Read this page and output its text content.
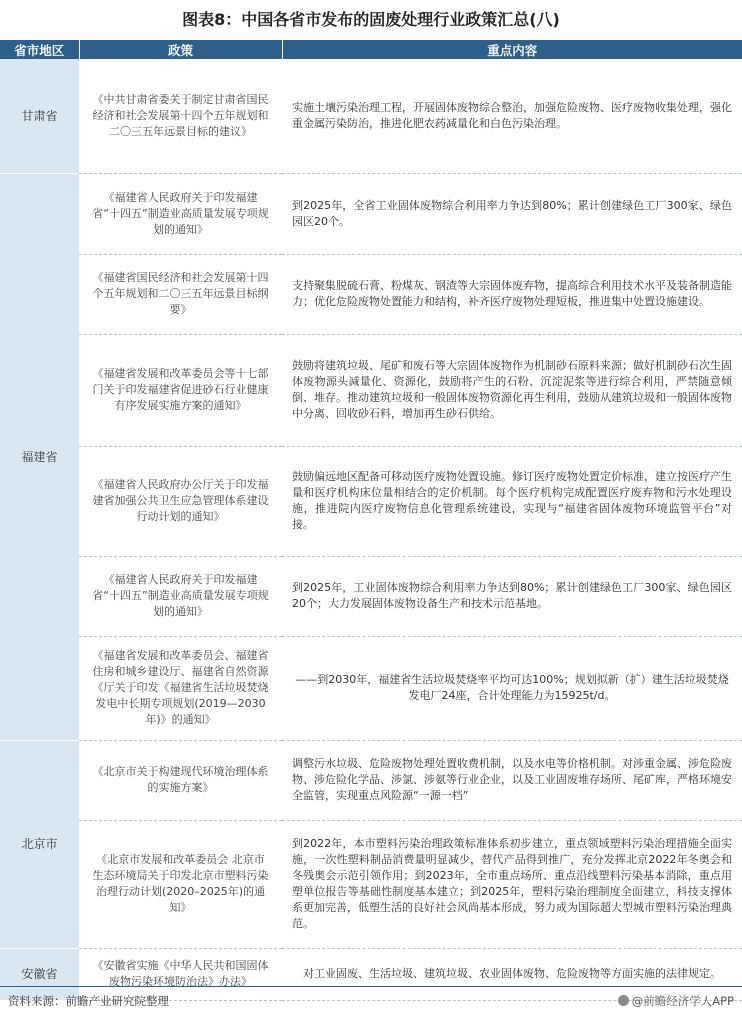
图表8：中国各省市发布的固废处理行业政策汇总(八)
省市地区	政策	重点内容
甘肃省	《中共甘肃省委关于制定甘肃省国民经济和社会发展第十四个五年规划和二〇三五年远景目标的建议》	实施土壤污染治理工程，开展固体废物综合整治，加强危险废物、医疗废物收集处理，强化重金属污染防治，推进化肥农药减量化和白色污染治理。
福建省	《福建省人民政府关于印发福建省“十四五”制造业高质量发展专项规划的通知》	到2025年，全省工业固体废物综合利用率力争达到80%；累计创建绿色工厂300家、绿色园区20个。
	《福建省国民经济和社会发展第十四个五年规划和二〇三五年远景目标纲要》	支持聚集脱硫石膏、粉煤灰、钢渣等大宗固体废弃物，提高综合利用技术水平及装备制造能力；优化危险废物处置能力和结构，补齐医疗废物处理短板，推进集中处置设施建设。
	《福建省发展和改革委员会等十七部门关于印发福建省促进砂石行业健康有序发展实施方案的通知》	鼓励将建筑垃圾、尾矿和废石等大宗固体废物作为机制砂石原料来源；做好机制砂石次生固体废物源头减量化、资源化，鼓励将产生的石粉、沉淀泥浆等进行综合利用，严禁随意倾倒、堆存。推动建筑垃圾和一般固体废物资源化再生利用，鼓励从建筑垃圾和一般固体废物中分离、回收砂石料，增加再生砂石供给。
	《福建省人民政府办公厅关于印发福建省加强公共卫生应急管理体系建设行动计划的通知》	鼓励偏远地区配备可移动医疗废物处置设施。修订医疗废物处置定价标准，建立按医疗产生量和医疗机构床位量相结合的定价机制。每个医疗机构完成配置医疗废弃物和污水处理设施，推进院内医疗废物信息化管理系统建设，实现与“福建省固体废物环境监管平台”对接。
	《福建省人民政府关于印发福建省“十四五”制造业高质量发展专项规划的通知》	到2025年，工业固体废物综合利用率力争达到80%；累计创建绿色工厂300家、绿色园区20个；大力发展固体废物设备生产和技术示范基地。
	《福建省发展和改革委员会、福建省住房和城乡建设厅、福建省自然资源《厅关于印发《福建省生活垃圾焚烧发电中长期专项规划(2019—2030年)》的通知》	——到2030年，福建省生活垃圾焚烧率平均可达100%；规划拟新（扩）建生活垃圾焚烧发电厂24座，合计处理能力为15925t/d。
北京市	《北京市关于构建现代环境治理体系的实施方案》	调整污水垃圾、危险废物处理处置收费机制，以及水电等价格机制。对涉重金属、涉危险废物、涉危险化学品、涉氯、涉氨等行业企业，以及工业固废堆存场所、尾矿库，严格环境安全监管，实现重点风险源“一源一档”
	《北京市发展和改革委员会 北京市生态环境局关于印发北京市塑料污染治理行动计划(2020–2025年)的通知》	到2022年，本市塑料污染治理政策标准体系初步建立，重点领域塑料污染治理措施全面实施，一次性塑料制品消费量明显减少，替代产品得到推广，充分发挥北京2022年冬奥会和冬残奥会示范引领作用；到2023年，全市重点场所、重点沿线塑料污染基本消除，重点用塑单位报告等基础性制度基本建立；到2025年，塑料污染治理制度全面建立，科技支撑体系更加完善，低塑生活的良好社会风尚基本形成，努力成为国际超大型城市塑料污染治理典范。
安徽省	《安徽省实施《中华人民共和国固体废物污染环境防治法》办法》	对工业固废、生活垃圾、建筑垃圾、农业固体废物、危险废物等方面实施的法律规定。
资料来源：前瞻产业研究院整理	@前瞻经济学人APP
